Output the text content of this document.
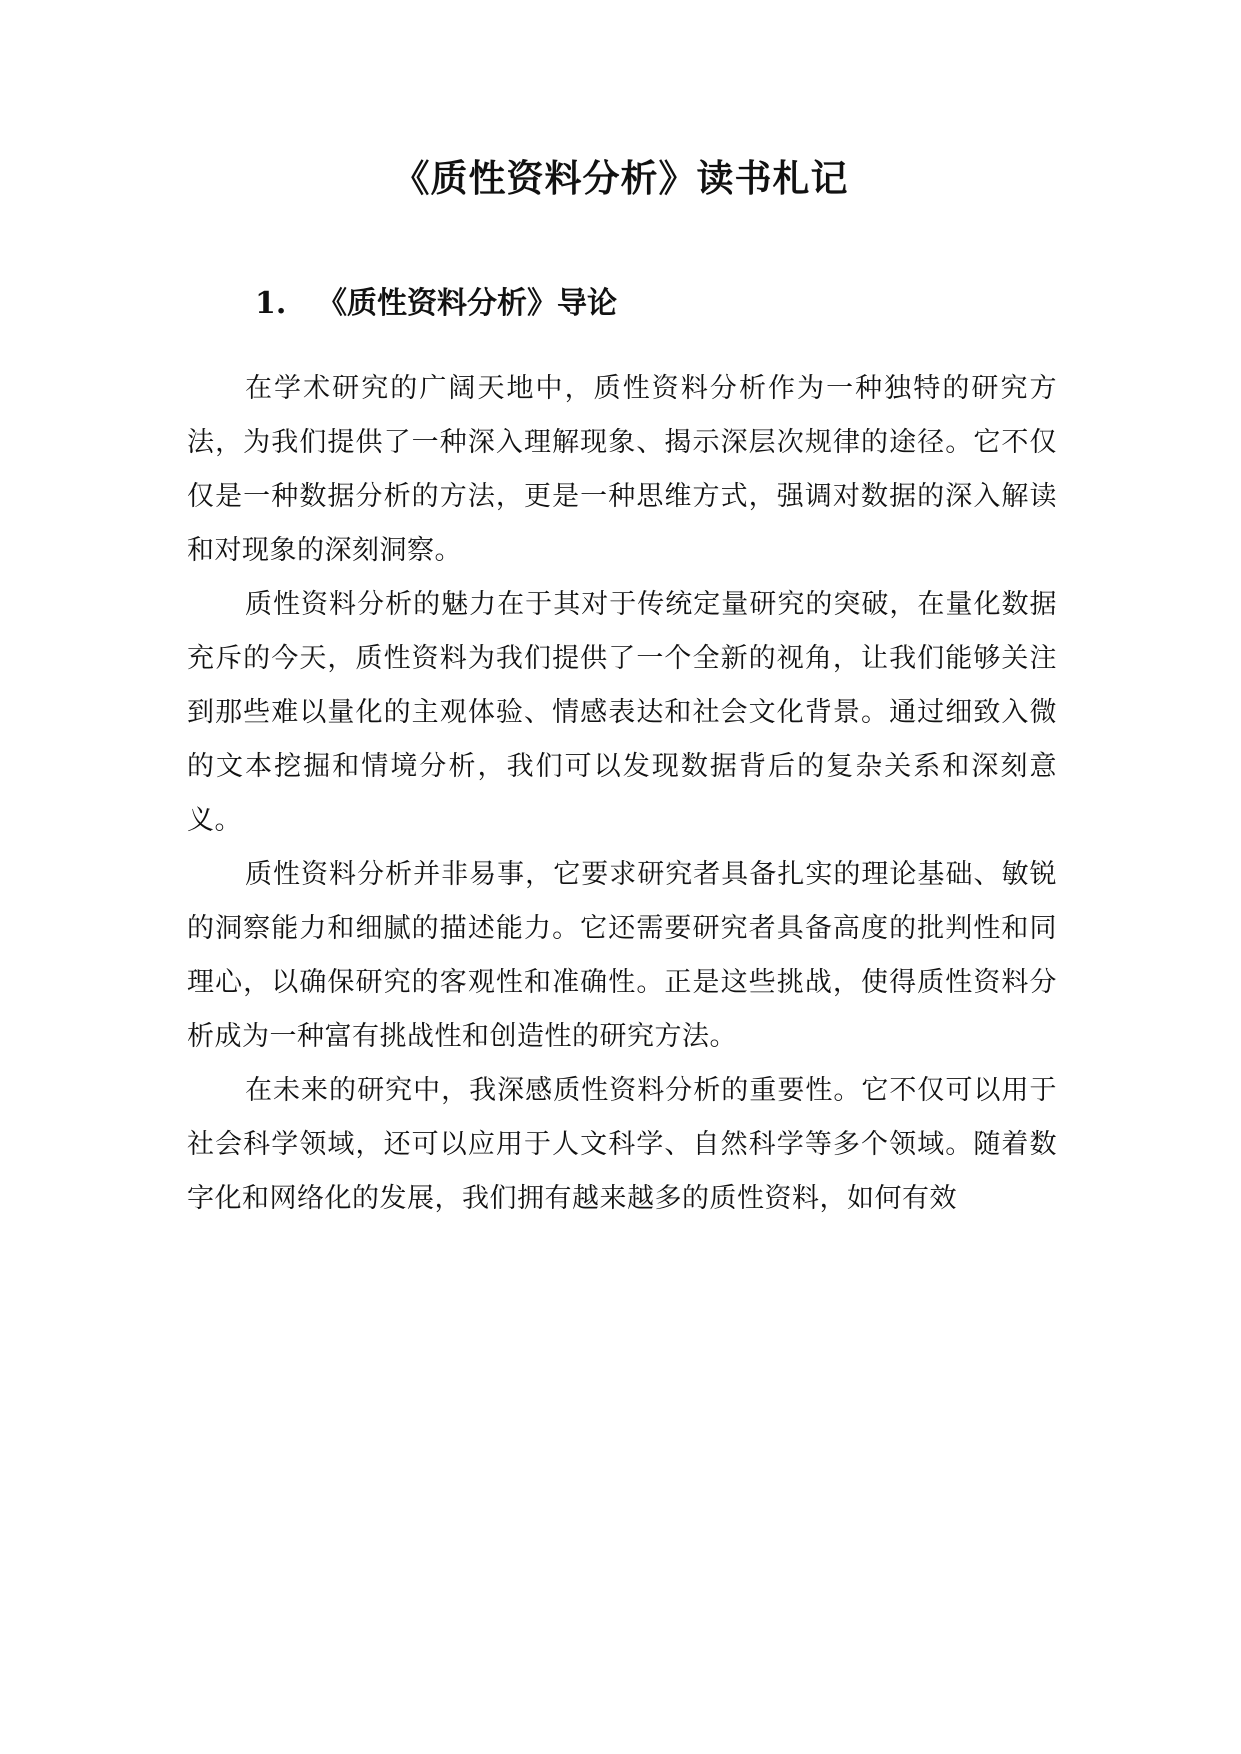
《质性资料分析》读书札记
1. 《质性资料分析》导论

在学术研究的广阔天地中，质性资料分析作为一种独特的研究方法，为我们提供了一种深入理解现象、揭示深层次规律的途径。它不仅仅是一种数据分析的方法，更是一种思维方式，强调对数据的深入解读和对现象的深刻洞察。

质性资料分析的魅力在于其对于传统定量研究的突破，在量化数据充斥的今天，质性资料为我们提供了一个全新的视角，让我们能够关注到那些难以量化的主观体验、情感表达和社会文化背景。通过细致入微的文本挖掘和情境分析，我们可以发现数据背后的复杂关系和深刻意义。

质性资料分析并非易事，它要求研究者具备扎实的理论基础、敏锐的洞察能力和细腻的描述能力。它还需要研究者具备高度的批判性和同理心，以确保研究的客观性和准确性。正是这些挑战，使得质性资料分析成为一种富有挑战性和创造性的研究方法。

在未来的研究中，我深感质性资料分析的重要性。它不仅可以用于社会科学领域，还可以应用于人文科学、自然科学等多个领域。随着数字化和网络化的发展，我们拥有越来越多的质性资料，如何有效
